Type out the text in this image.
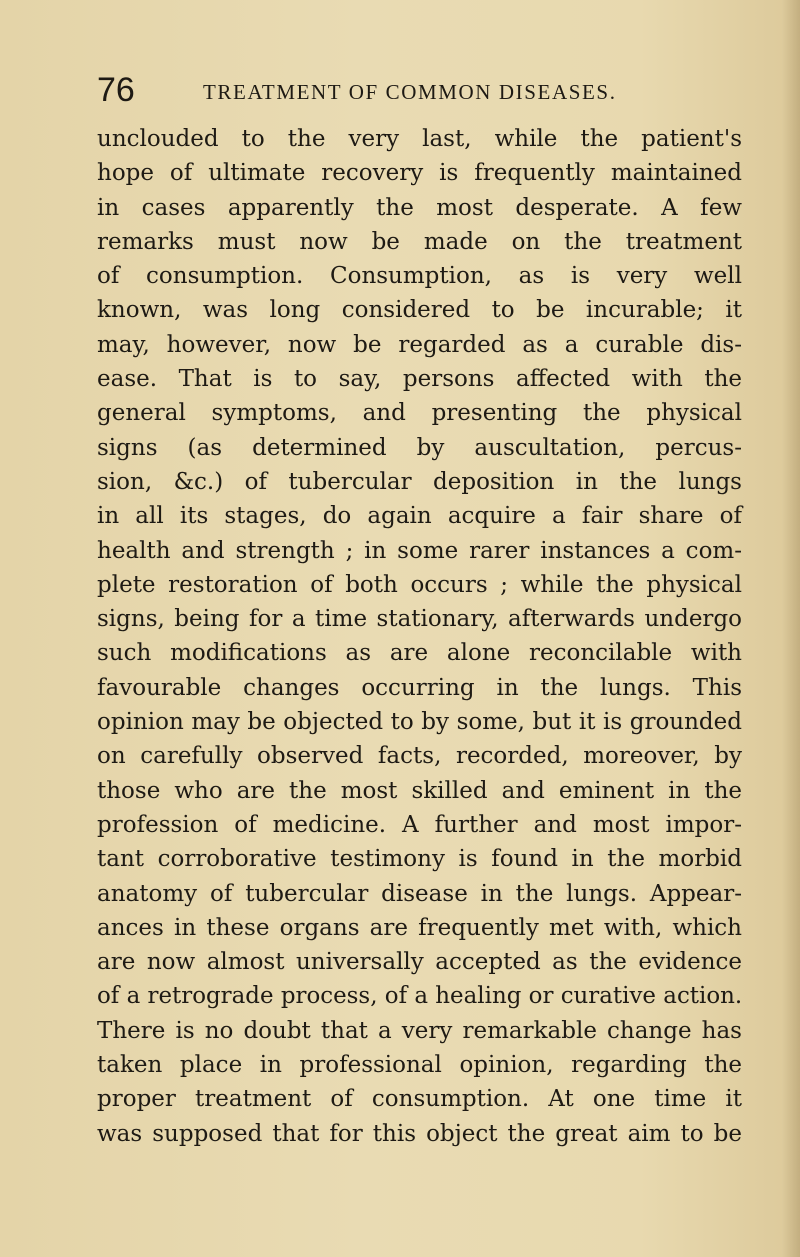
76	TREATMENT OF COMMON DISEASES.
unclouded to the very last, while the patient's
hope of ultimate recovery is frequently maintained
in cases apparently the most desperate. A few
remarks must now be made on the treatment
of consumption. Consumption, as is very well
known, was long considered to be incurable; it
may, however, now be regarded as a curable dis-
ease. That is to say, persons affected with the
general symptoms, and presenting the physical
signs (as determined by auscultation, percus-
sion, &c.) of tubercular deposition in the lungs
in all its stages, do again acquire a fair share of
health and strength ; in some rarer instances a com-
plete restoration of both occurs ; while the physical
signs, being for a time stationary, afterwards undergo
such modifications as are alone reconcilable with
favourable changes occurring in the lungs. This
opinion may be objected to by some, but it is grounded
on carefully observed facts, recorded, moreover, by
those who are the most skilled and eminent in the
profession of medicine. A further and most impor-
tant corroborative testimony is found in the morbid
anatomy of tubercular disease in the lungs. Appear-
ances in these organs are frequently met with, which
are now almost universally accepted as the evidence
of a retrograde process, of a healing or curative action.
There is no doubt that a very remarkable change has
taken place in professional opinion, regarding the
proper treatment of consumption. At one time it
was supposed that for this object the great aim to be
